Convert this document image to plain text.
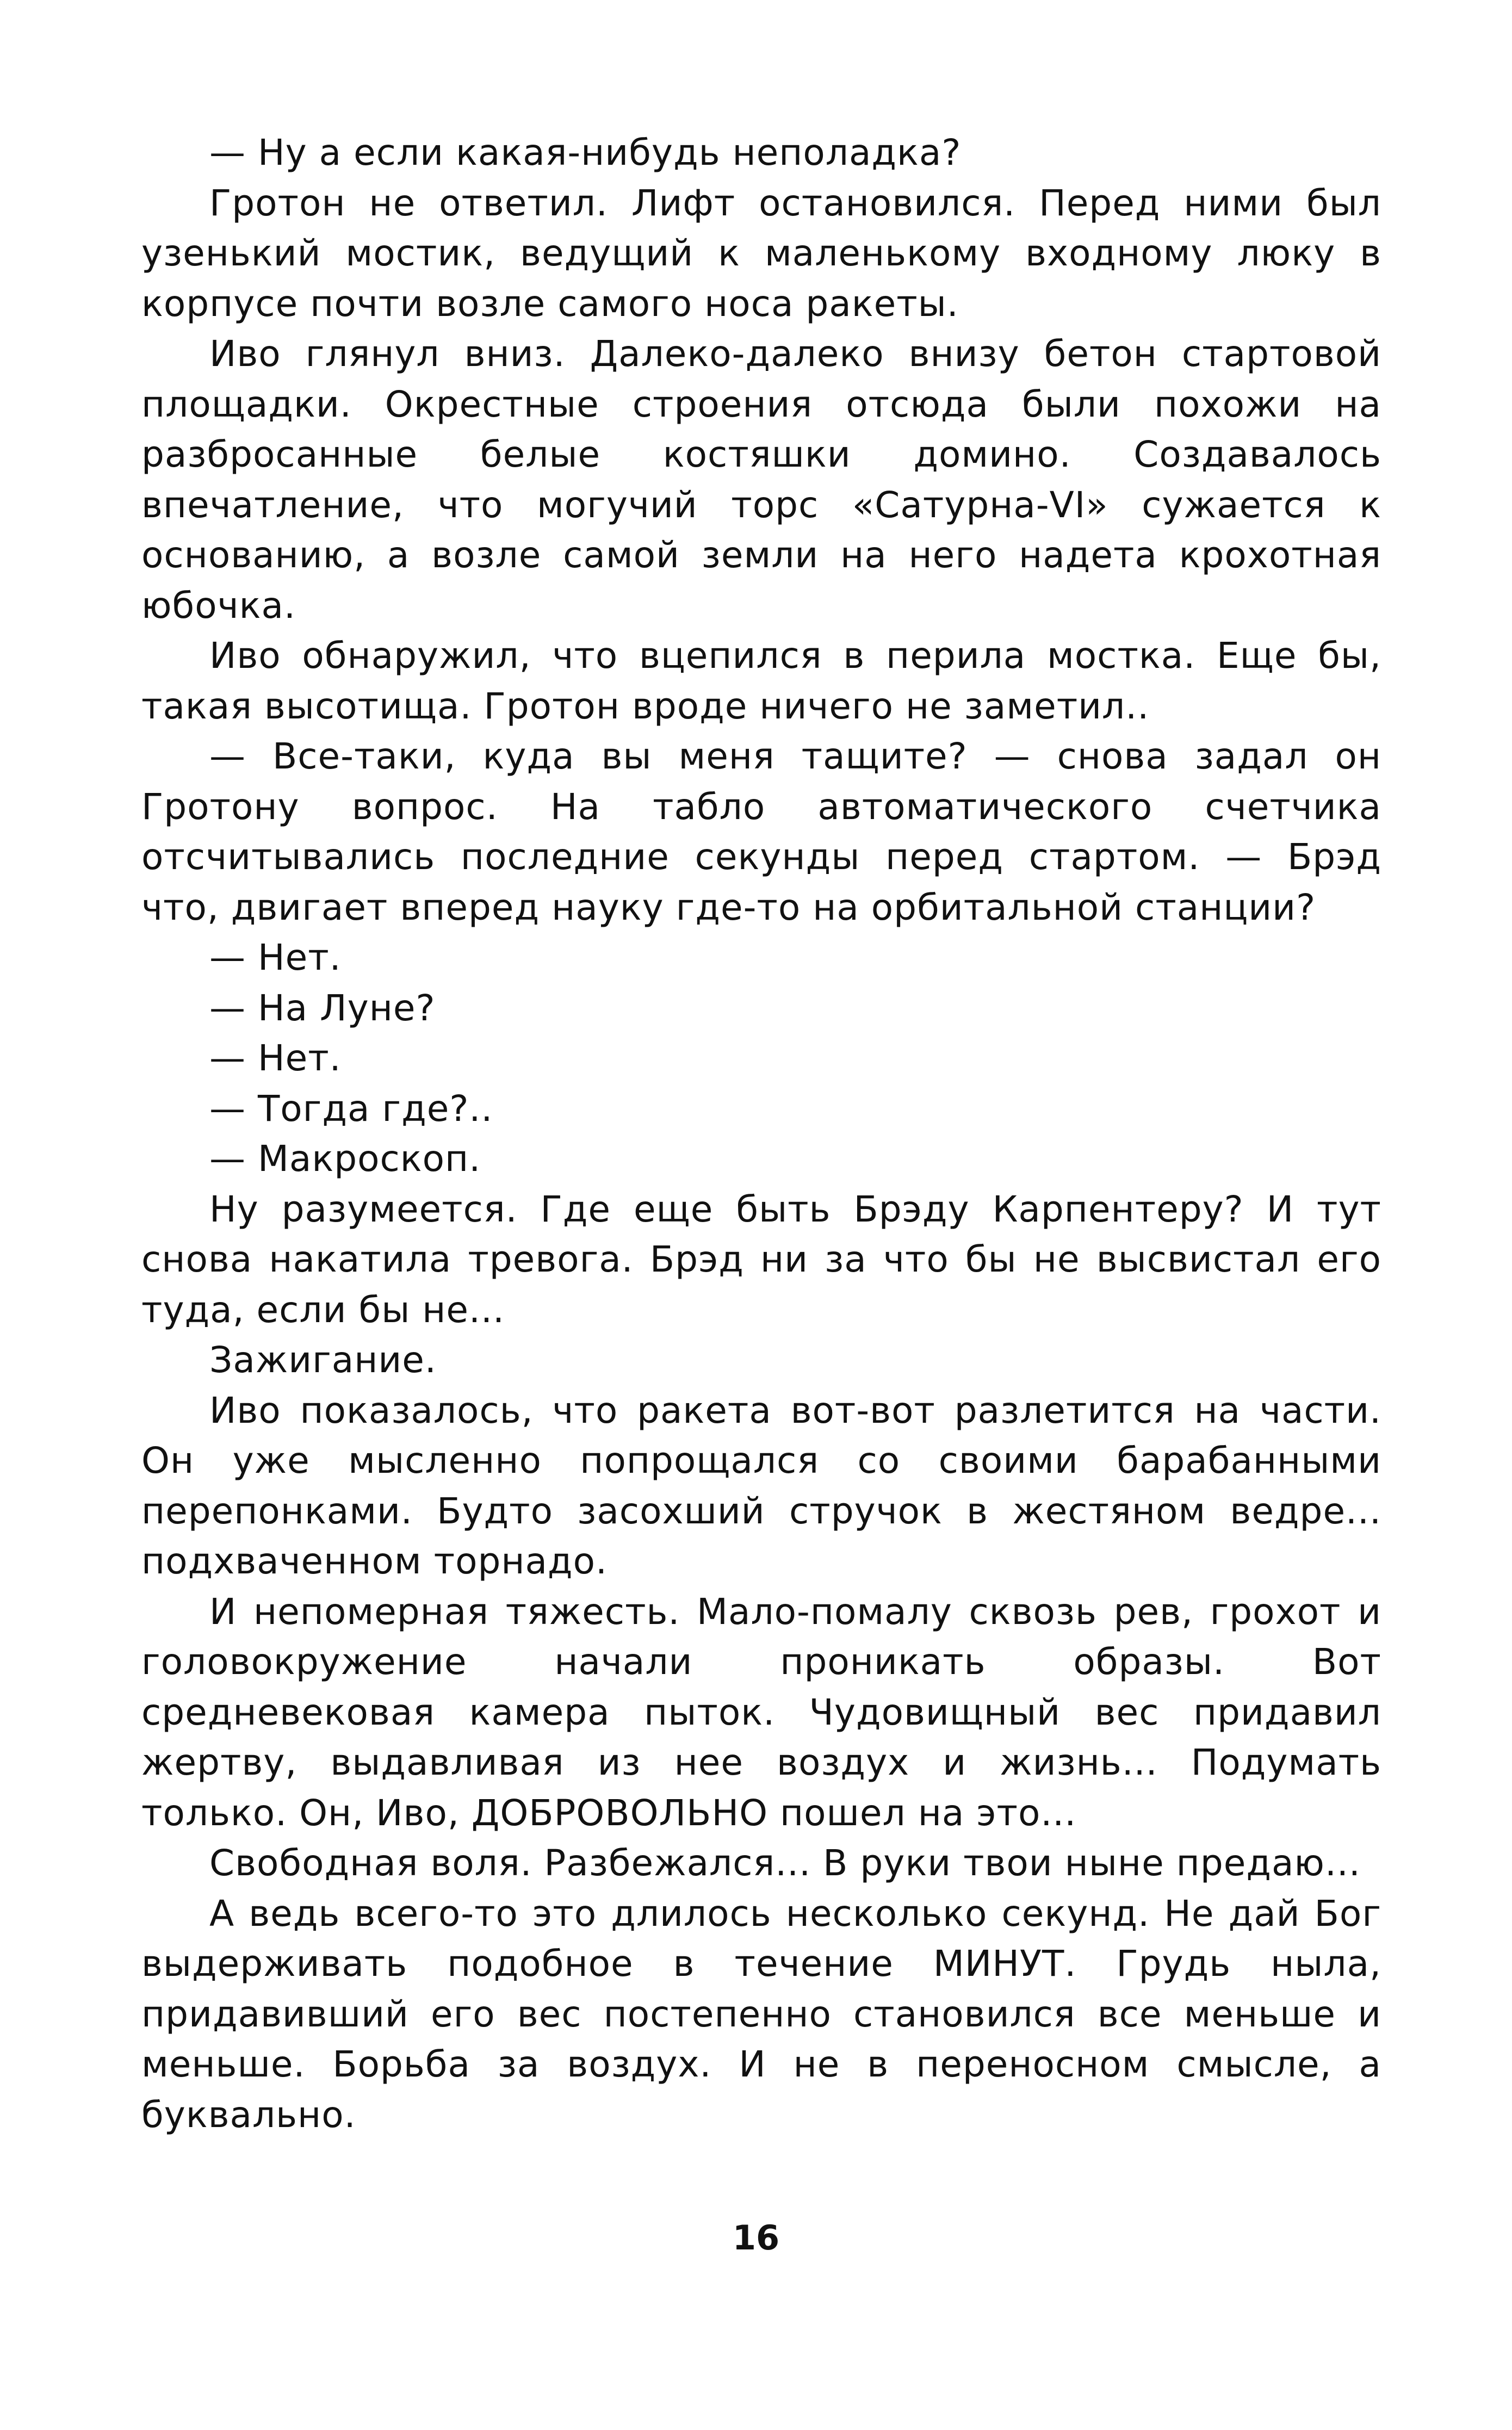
— Ну а если какая-нибудь неполадка?

Гротон не ответил. Лифт остановился. Перед ними был узенький мостик, ведущий к маленькому входному люку в корпусе почти возле самого носа ракеты.

Иво глянул вниз. Далеко-далеко внизу бетон стартовой площадки. Окрестные строения отсюда были похожи на разбросанные белые костяшки домино. Создавалось впечатление, что могучий торс «Сатурна-VI» сужается к основанию, а возле самой земли на него надета крохотная юбочка.

Иво обнаружил, что вцепился в перила мостка. Еще бы, такая высотища. Гротон вроде ничего не заметил..

— Все-таки, куда вы меня тащите? — снова задал он Гротону вопрос. На табло автоматического счетчика отсчитывались последние секунды перед стартом. — Брэд что, двигает вперед науку где-то на орбитальной станции?

— Нет.

— На Луне?

— Нет.

— Тогда где?..

— Макроскоп.

Ну разумеется. Где еще быть Брэду Карпентеру? И тут снова накатила тревога. Брэд ни за что бы не высвистал его туда, если бы не...

Зажигание.

Иво показалось, что ракета вот-вот разлетится на части. Он уже мысленно попрощался со своими барабанными перепонками. Будто засохший стручок в жестяном ведре... подхваченном торнадо.

И непомерная тяжесть. Мало-помалу сквозь рев, грохот и головокружение начали проникать образы. Вот средневековая камера пыток. Чудовищный вес придавил жертву, выдавливая из нее воздух и жизнь... Подумать только. Он, Иво, ДОБРОВОЛЬНО пошел на это...

Свободная воля. Разбежался... В руки твои ныне предаю...

А ведь всего-то это длилось несколько секунд. Не дай Бог выдерживать подобное в течение МИНУТ. Грудь ныла, придавивший его вес постепенно становился все меньше и меньше. Борьба за воздух. И не в переносном смысле, а буквально.

16
